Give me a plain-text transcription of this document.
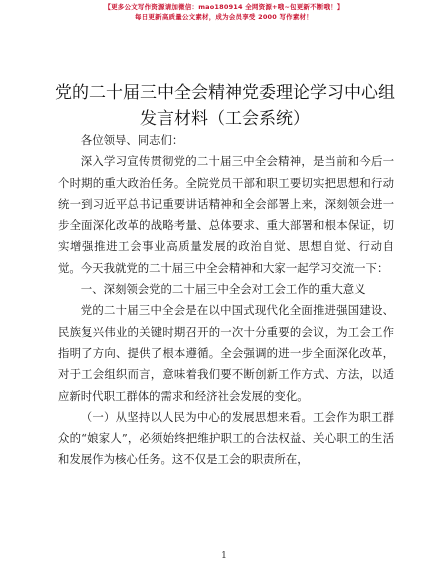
【更多公文写作资源请加微信：mao180914 全网资源+哦~包更新不断哦！】
每日更新高质量公文素材，成为会员享受 2000 写作素材！
党的二十届三中全会精神党委理论学习中心组
发言材料（工会系统）

各位领导、同志们：

深入学习宣传贯彻党的二十届三中全会精神，是当前和今后一个时期的重大政治任务。全院党员干部和职工要切实把思想和行动统一到习近平总书记重要讲话精神和全会部署上来，深刻领会进一步全面深化改革的战略考量、总体要求、重大部署和根本保证，切实增强推进工会事业高质量发展的政治自觉、思想自觉、行动自觉。今天我就党的二十届三中全会精神和大家一起学习交流一下：

一、深刻领会党的二十届三中全会对工会工作的重大意义

党的二十届三中全会是在以中国式现代化全面推进强国建设、民族复兴伟业的关键时期召开的一次十分重要的会议，为工会工作指明了方向、提供了根本遵循。全会强调的进一步全面深化改革，对于工会组织而言，意味着我们要不断创新工作方式、方法，以适应新时代职工群体的需求和经济社会发展的变化。

（一）从坚持以人民为中心的发展思想来看。工会作为职工群众的“娘家人”，必须始终把维护职工的合法权益、关心职工的生活和发展作为核心任务。这不仅是工会的职责所在，

1
